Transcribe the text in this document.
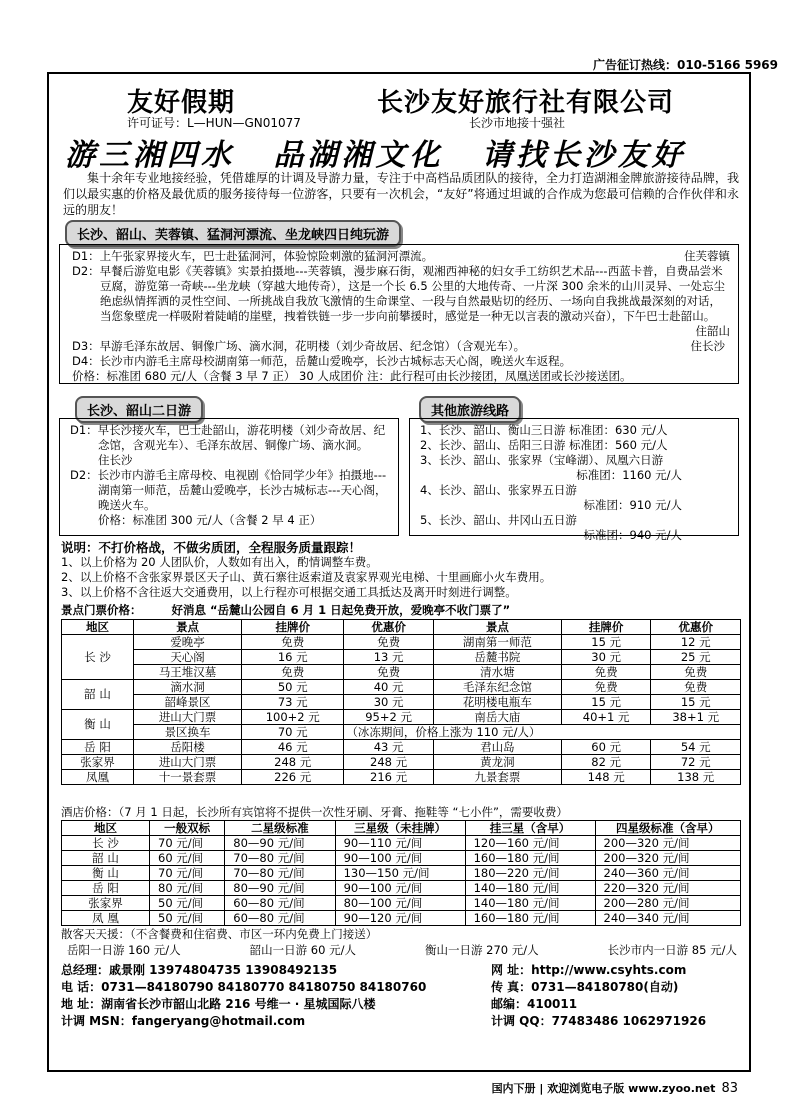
广告征订热线：010-5166 5969
友好假期	长沙友好旅行社有限公司
许可证号：L—HUN—GN01077	长沙市地接十强社
游三湘四水 品湖湘文化 请找长沙友好
集十余年专业地接经验，凭借雄厚的计调及导游力量，专注于中高档品质团队的接待，全力打造湖湘金牌旅游接待品牌，我们以最实惠的价格及最优质的服务接待每一位游客，只要有一次机会，“友好”将通过坦诚的合作成为您最可信赖的合作伙伴和永远的朋友！
长沙、韶山、芙蓉镇、猛洞河漂流、坐龙峡四日纯玩游

D1：上午张家界接火车，巴士赴猛洞河，体验惊险刺激的猛洞河漂流。	住芙蓉镇

D2：早餐后游览电影《芙蓉镇》实景拍摄地---芙蓉镇，漫步麻石街，观湘西神秘的妇女手工纺织艺术品---西蓝卡普，自费品尝米豆腐，游览第一奇峡---坐龙峡（穿越大地传奇），这是一个长 6.5 公里的大地传奇、一片深 300 余米的山川灵异、一处忘尘绝虑纵情挥洒的灵性空间、一所挑战自我放飞激情的生命课堂、一段与自然最贴切的经历、一场向自我挑战最深刻的对话，当您象壁虎一样吸附着陡峭的崖壁，拽着铁链一步一步向前攀援时，感觉是一种无以言表的激动兴奋），下午巴士赴韶山。

住韶山

D3：早游毛泽东故居、铜像广场、滴水洞，花明楼（刘少奇故居、纪念馆）（含观光车）。	住长沙

D4：长沙市内游毛主席母校湖南第一师范，岳麓山爱晚亭，长沙古城标志天心阁，晚送火车返程。

价格：标准团 680 元/人（含餐 3 早 7 正） 30 人成团价 注：此行程可由长沙接团，凤凰送团或长沙接送团。

长沙、韶山二日游

D1：早长沙接火车，巴士赴韶山，游花明楼（刘少奇故居、纪念馆，含观光车）、毛泽东故居、铜像广场、滴水洞。

住长沙

D2：长沙市内游毛主席母校、电视剧《恰同学少年》拍摄地---湖南第一师范，岳麓山爱晚亭，长沙古城标志---天心阁，晚送火车。

价格：标准团 300 元/人（含餐 2 早 4 正）

其他旅游线路

1、长沙、韶山、衡山三日游 标准团：630 元/人

2、长沙、韶山、岳阳三日游 标准团：560 元/人

3、长沙、韶山、张家界（宝峰湖）、凤凰六日游

标准团：1160 元/人

4、长沙、韶山、张家界五日游

标准团：910 元/人

5、长沙、韶山、井冈山五日游

标准团：940 元/人

说明：不打价格战，不做劣质团，全程服务质量跟踪！

1、以上价格为 20 人团队价，人数如有出入，酌情调整车费。

2、以上价格不含张家界景区天子山、黄石寨往返索道及袁家界观光电梯、十里画廊小火车费用。

3、以上价格不含往返大交通费用，以上行程亦可根据交通工具抵达及离开时刻进行调整。

景点门票价格：	好消息 “岳麓山公园自 6 月 1 日起免费开放，爱晚亭不收门票了”
地区	景点	挂牌价	优惠价	景点	挂牌价	优惠价
长 沙	爱晚亭	免费	免费	湖南第一师范	15 元	12 元
	天心阁	16 元	13 元	岳麓书院	30 元	25 元
	马王堆汉墓	免费	免费	清水塘	免费	免费
韶 山	滴水洞	50 元	40 元	毛泽东纪念馆	免费	免费
	韶峰景区	73 元	30 元	花明楼电瓶车	15 元	15 元
衡 山	进山大门票	100+2 元	95+2 元	南岳大庙	40+1 元	38+1 元
	景区换车	70 元	（冰冻期间，价格上涨为 110 元/人）			
岳 阳	岳阳楼	46 元	43 元	君山岛	60 元	54 元
张家界	进山大门票	248 元	248 元	黄龙洞	82 元	72 元
凤凰	十一景套票	226 元	216 元	九景套票	148 元	138 元
酒店价格：（7 月 1 日起，长沙所有宾馆将不提供一次性牙刷、牙膏、拖鞋等 “七小件”，需要收费）
地区	一般双标	二星级标准	三星级（未挂牌）	挂三星（含早）	四星级标准（含早）
长 沙	70 元/间	80—90 元/间	90—110 元/间	120—160 元/间	200—320 元/间
韶 山	60 元/间	70—80 元/间	90—100 元/间	160—180 元/间	200—320 元/间
衡 山	70 元/间	70—80 元/间	130—150 元/间	180—220 元/间	240—360 元/间
岳 阳	80 元/间	80—90 元/间	90—100 元/间	140—180 元/间	220—320 元/间
张家界	50 元/间	60—80 元/间	80—100 元/间	140—180 元/间	200—280 元/间
凤 凰	50 元/间	60—80 元/间	90—120 元/间	160—180 元/间	240—340 元/间
散客天天援：（不含餐费和住宿费、市区一环内免费上门接送）
岳阳一日游 160 元/人	韶山一日游 60 元/人	衡山一日游 270 元/人	长沙市内一日游 85 元/人
总经理：戚景刚 13974804735 13908492135
电 话：0731—84180790 84180770 84180750 84180760
地 址：湖南省长沙市韶山北路 216 号维一 · 星城国际八楼
计调 MSN：fangeryang@hotmail.com
网 址：http://www.csyhts.com
传 真：0731—84180780(自动)
邮编：410011
计调 QQ：77483486 1062971926
国内下册 | 欢迎浏览电子版 www.zyoo.net 83
